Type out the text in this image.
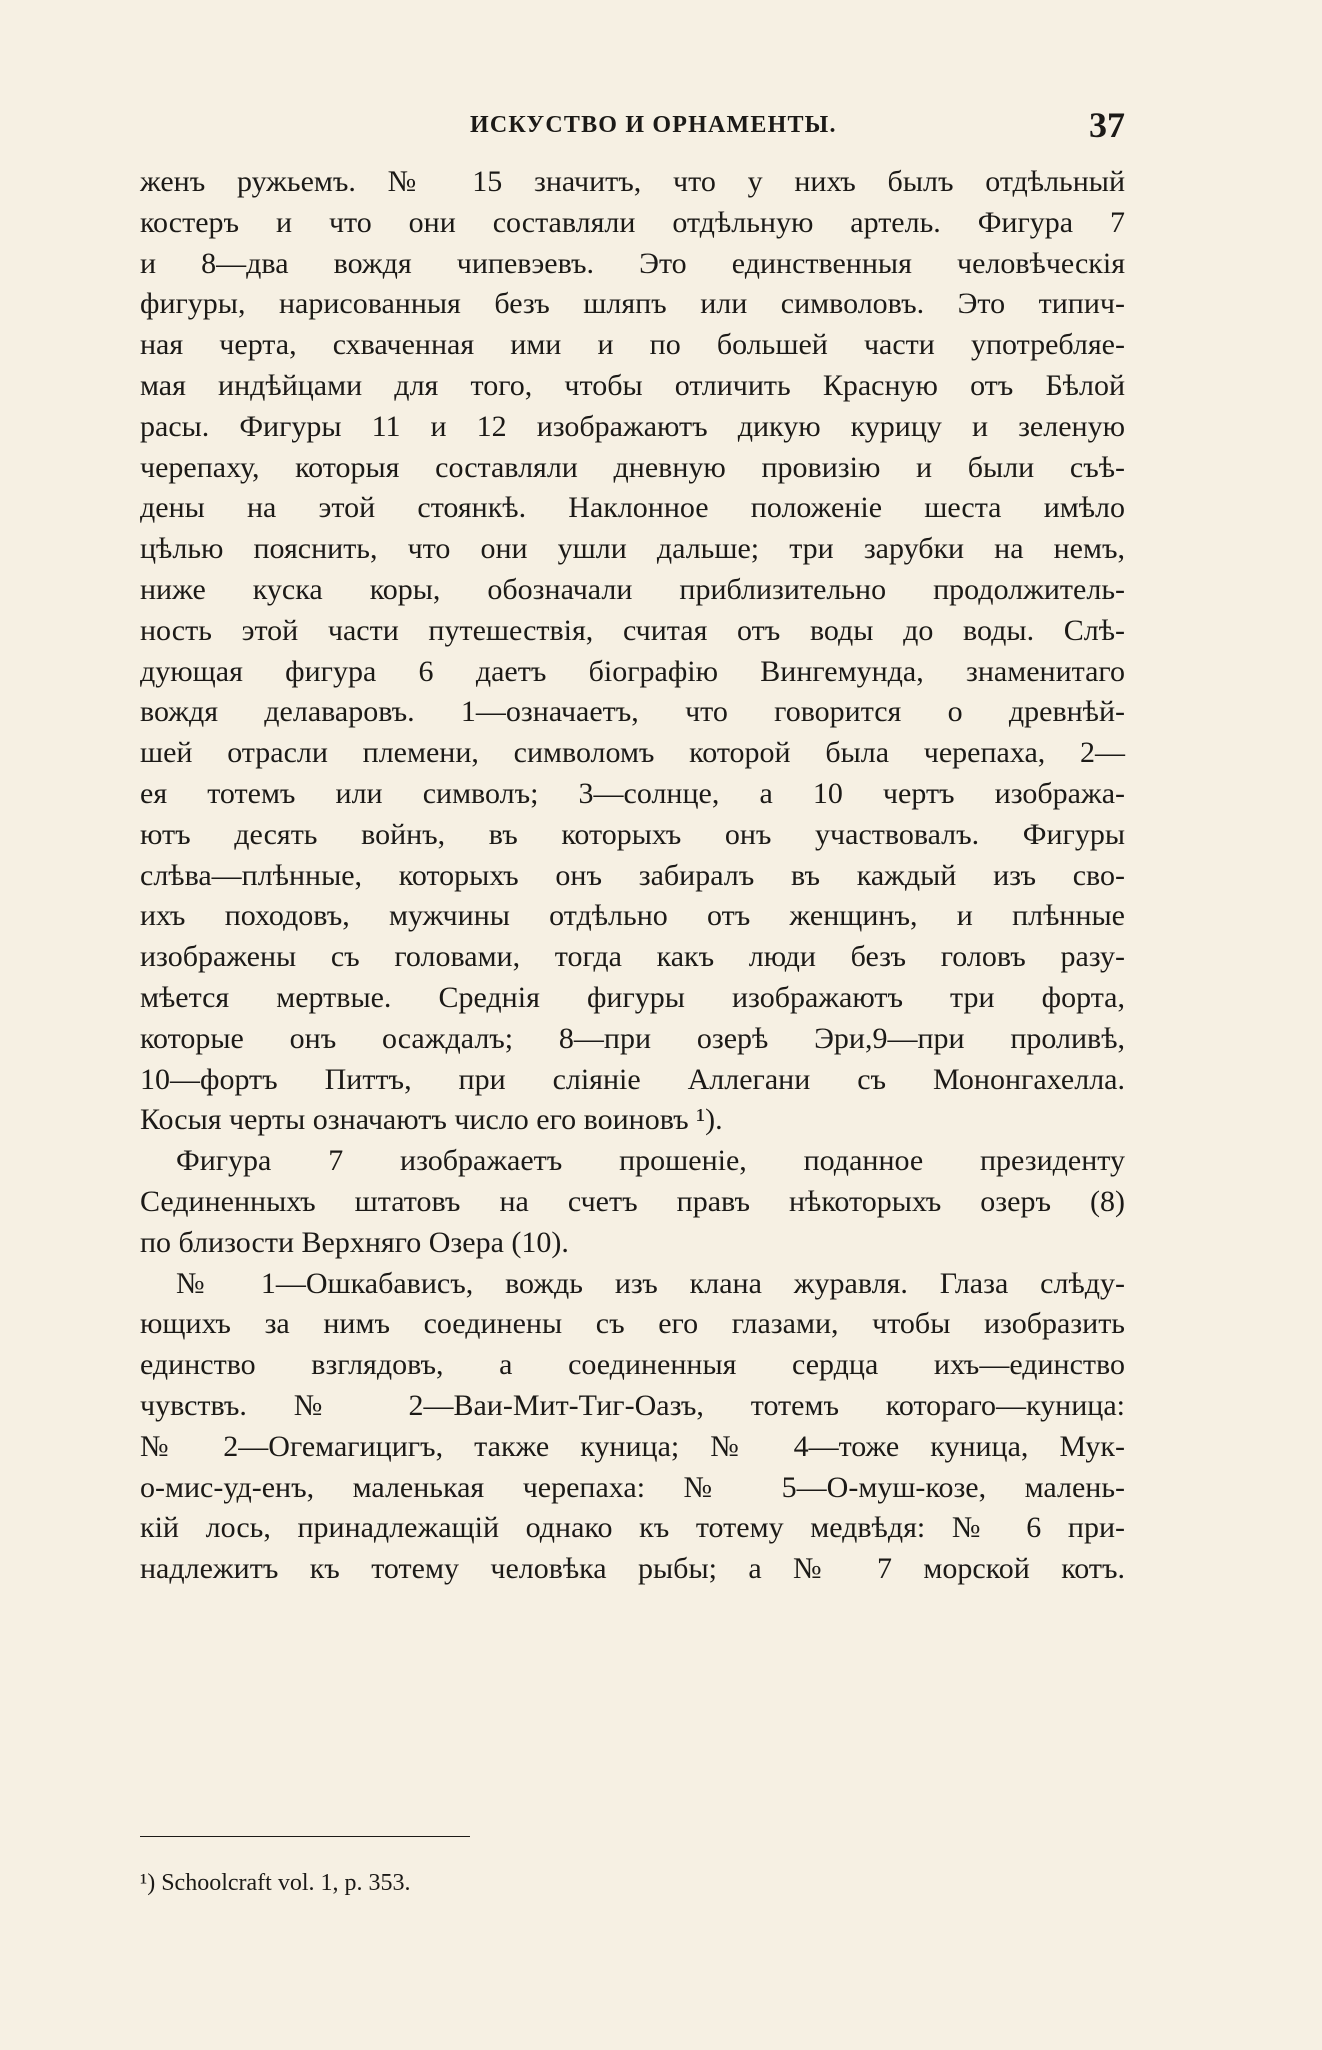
ИСКУСТВО И ОРНАМЕНТЫ.	37
женъ ружьемъ. № 15 значитъ, что у нихъ былъ отдѣльный
костеръ и что они составляли отдѣльную артель. Фигура 7
и 8—два вождя чипевэевъ. Это единственныя человѣческія
фигуры, нарисованныя безъ шляпъ или символовъ. Это типич-
ная черта, схваченная ими и по большей части употребляе-
мая индѣйцами для того, чтобы отличить Красную отъ Бѣлой
расы. Фигуры 11 и 12 изображаютъ дикую курицу и зеленую
черепаху, которыя составляли дневную провизію и были съѣ-
дены на этой стоянкѣ. Наклонное положеніе шеста имѣло
цѣлью пояснить, что они ушли дальше; три зарубки на немъ,
ниже куска коры, обозначали приблизительно продолжитель-
ность этой части путешествія, считая отъ воды до воды. Слѣ-
дующая фигура 6 даетъ біографію Вингемунда, знаменитаго
вождя делаваровъ. 1—означаетъ, что говорится о древнѣй-
шей отрасли племени, символомъ которой была черепаха, 2—
ея тотемъ или символъ; 3—солнце, а 10 чертъ изобража-
ютъ десять войнъ, въ которыхъ онъ участвовалъ. Фигуры
слѣва—плѣнные, которыхъ онъ забиралъ въ каждый изъ сво-
ихъ походовъ, мужчины отдѣльно отъ женщинъ, и плѣнные
изображены съ головами, тогда какъ люди безъ головъ разу-
мѣется мертвые. Среднія фигуры изображаютъ три форта,
которые онъ осаждалъ; 8—при озерѣ Эри,9—при проливѣ,
10—фортъ Питтъ, при сліяніе Аллегани съ Мононгахелла.
Косыя черты означаютъ число его воиновъ ¹).
Фигура 7 изображаетъ прошеніе, поданное президенту
Сединенныхъ штатовъ на счетъ правъ нѣкоторыхъ озеръ (8)
по близости Верхняго Озера (10).
№ 1—Ошкабависъ, вождь изъ клана журавля. Глаза слѣду-
ющихъ за нимъ соединены съ его глазами, чтобы изобразить
единство взглядовъ, а соединенныя сердца ихъ—единство
чувствъ. № 2—Ваи-Мит-Тиг-Оазъ, тотемъ котораго—куница:
№ 2—Огемагицигъ, также куница; № 4—тоже куница, Мук-
о-мис-уд-енъ, маленькая черепаха: № 5—О-муш-козе, малень-
кій лось, принадлежащій однако къ тотему медвѣдя: № 6 при-
надлежитъ къ тотему человѣка рыбы; а № 7 морской котъ.
¹) Schoolcraft vol. 1, p. 353.
